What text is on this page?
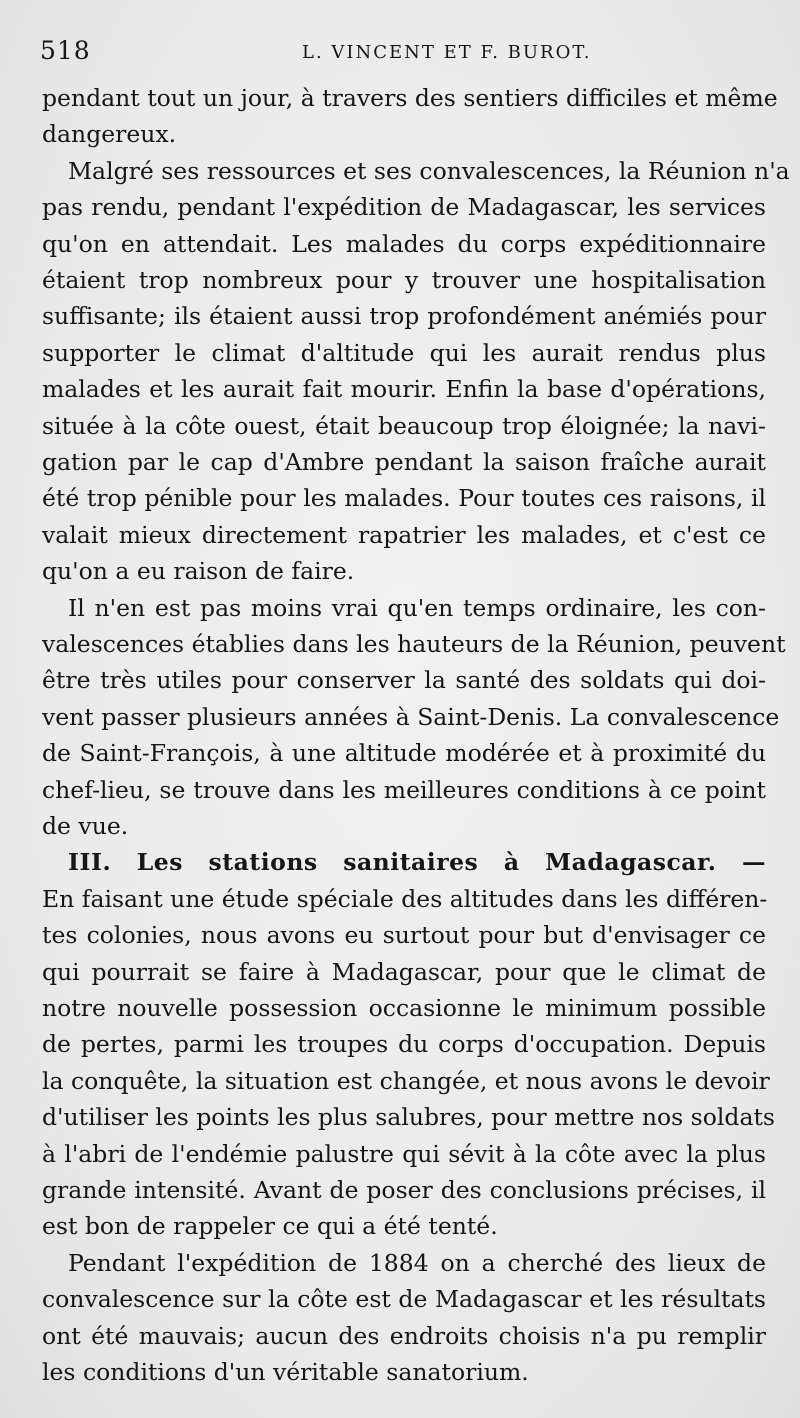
518	L. VINCENT ET F. BUROT.
pendant tout un jour, à travers des sentiers difficiles et même
dangereux.
Malgré ses ressources et ses convalescences, la Réunion n'a
pas rendu, pendant l'expédition de Madagascar, les services
qu'on en attendait. Les malades du corps expéditionnaire
étaient trop nombreux pour y trouver une hospitalisation
suffisante; ils étaient aussi trop profondément anémiés pour
supporter le climat d'altitude qui les aurait rendus plus
malades et les aurait fait mourir. Enfin la base d'opérations,
située à la côte ouest, était beaucoup trop éloignée; la navi-
gation par le cap d'Ambre pendant la saison fraîche aurait
été trop pénible pour les malades. Pour toutes ces raisons, il
valait mieux directement rapatrier les malades, et c'est ce
qu'on a eu raison de faire.
Il n'en est pas moins vrai qu'en temps ordinaire, les con-
valescences établies dans les hauteurs de la Réunion, peuvent
être très utiles pour conserver la santé des soldats qui doi-
vent passer plusieurs années à Saint-Denis. La convalescence
de Saint-François, à une altitude modérée et à proximité du
chef-lieu, se trouve dans les meilleures conditions à ce point
de vue.
III. Les stations sanitaires à Madagascar. —
En faisant une étude spéciale des altitudes dans les différen-
tes colonies, nous avons eu surtout pour but d'envisager ce
qui pourrait se faire à Madagascar, pour que le climat de
notre nouvelle possession occasionne le minimum possible
de pertes, parmi les troupes du corps d'occupation. Depuis
la conquête, la situation est changée, et nous avons le devoir
d'utiliser les points les plus salubres, pour mettre nos soldats
à l'abri de l'endémie palustre qui sévit à la côte avec la plus
grande intensité. Avant de poser des conclusions précises, il
est bon de rappeler ce qui a été tenté.
Pendant l'expédition de 1884 on a cherché des lieux de
convalescence sur la côte est de Madagascar et les résultats
ont été mauvais; aucun des endroits choisis n'a pu remplir
les conditions d'un véritable sanatorium.
